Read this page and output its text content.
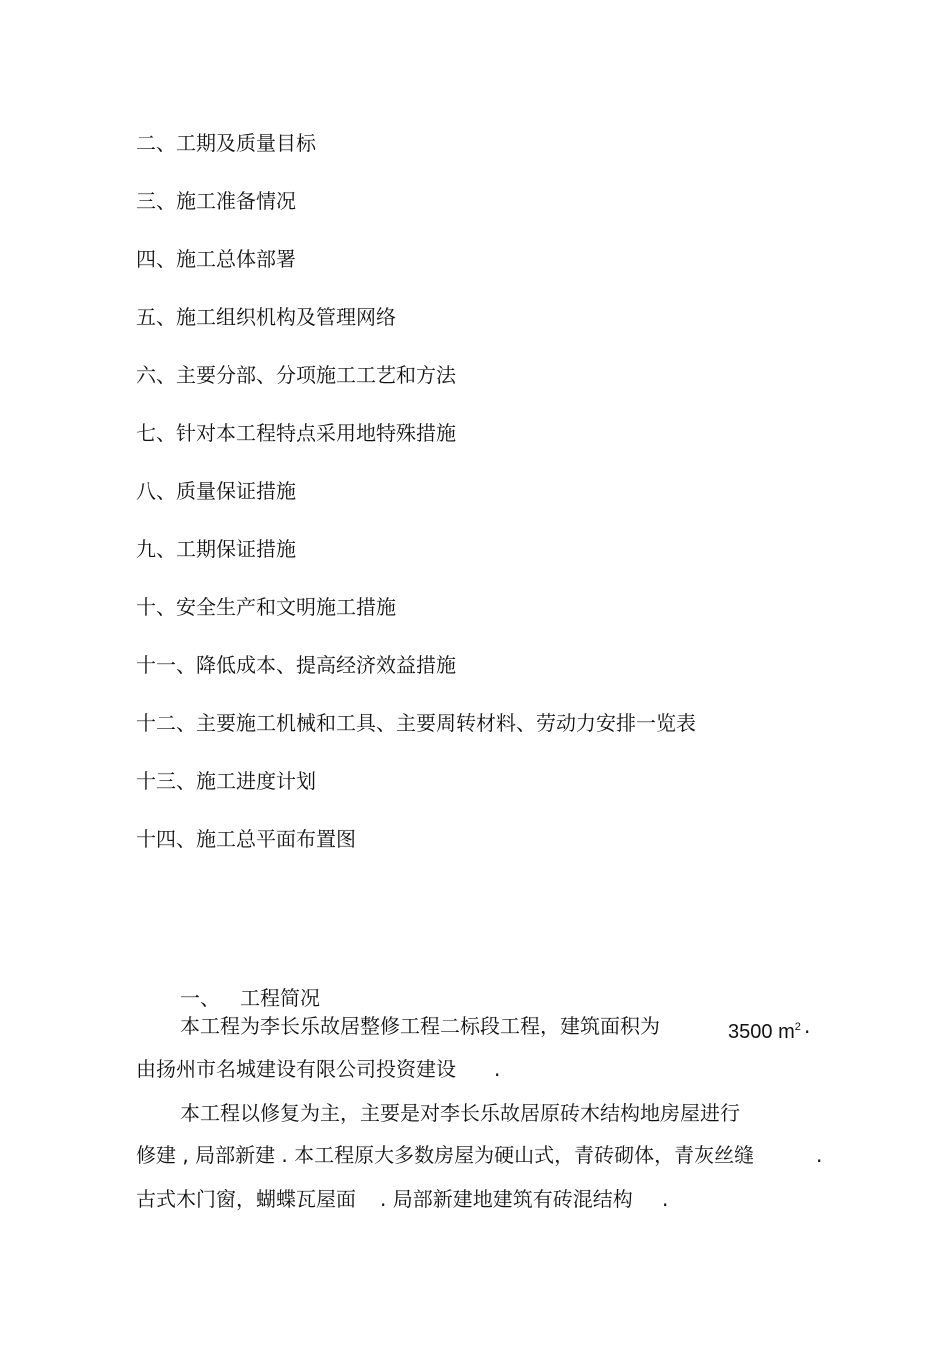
二、工期及质量目标
三、施工准备情况
四、施工总体部署
五、施工组织机构及管理网络
六、主要分部、分项施工工艺和方法
七、针对本工程特点采用地特殊措施
八、质量保证措施
九、工期保证措施
十、安全生产和文明施工措施
十一、降低成本、提高经济效益措施
十二、主要施工机械和工具、主要周转材料、劳动力安排一览表
十三、施工进度计划
十四、施工总平面布置图
一、 工程简况
本工程为李长乐故居整修工程二标段工程，建筑面积为	3500 $m^2$ .
由扬州市名城建设有限公司投资建设 .
本工程以修复为主，主要是对李长乐故居原砖木结构地房屋进行
修建 , 局部新建 . 本工程原大多数房屋为硬山式，青砖砌体，青灰丝缝	.
古式木门窗，蝴蝶瓦屋面 . 局部新建地建筑有砖混结构 .
